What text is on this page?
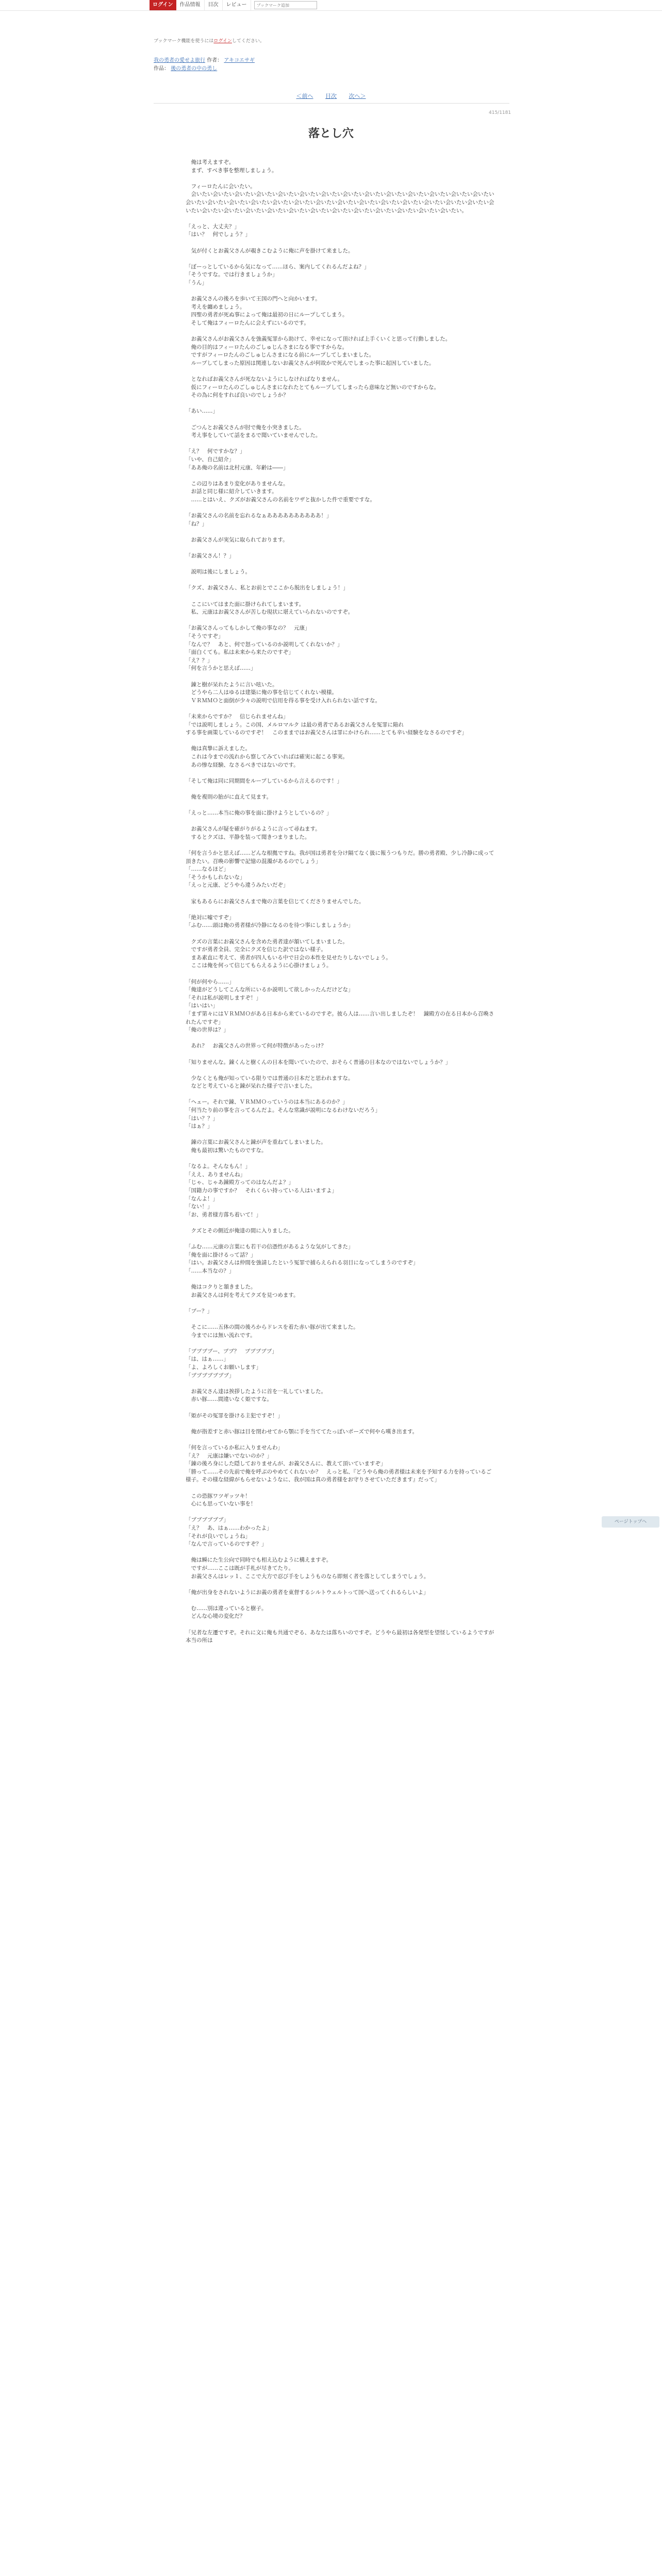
ログイン	作品情報	目次	レビュー
ブックマーク追加
ブックマーク機能を使うにはログインしてください。
我の勇者の愛せよ旅行 作者： アキコエサギ
作品： 後の勇者の中の勇し
＜前へ 目次 次へ＞
415/1181
落とし穴

　俺は考えますぞ。

　まず、すべき事を整理しましょう。

　フィーロたんに会いたい。

　会いたい会いたい会いたい会いたい会いたい会いたい会いたい会いたい会いたい会いたい会いたい会いたい会いたい会いたい会いたい会いたい会いたい会いたい会いたい会いたい会いたい会いたい会いたい会いたい会いたい会いたい会いたい会いたい会いたい会いたい会いたい会いたい会いたい会いたい会いたい会いたい会いたい会いたい会いたい会いたい会いたい。

「えっと、大丈夫？」

「はい？　何でしょう？」

　気が付くとお義父さんが覗きこむように俺に声を掛けて来ました。

「ぼーっとしているから気になって……ほら、案内してくれるんだよね？」

「そうですな。では行きましょうか」

「うん」

　お義父さんの後ろを歩いて王国の門へと向かいます。

　考えを纏めましょう。

　四聖の勇者が死ぬ事によって俺は最初の日にループしてしまう。

　そして俺はフィーロたんに会えずにいるのです。

　お義父さんがお義父さんを強義冤罪から助けて、幸せになって頂ければ上手くいくと思って行動しました。

　俺の目的はフィーロたんのごしゅじんさまになる事ですからな。

　ですがフィーロたんのごしゅじんさまになる前にループしてしまいました。

　ループしてしまった原因は関連しないお義父さんが何故かで死んでしまった事に起因していました。

　となればお義父さんが死なないようにしなければなりません。

　仮にフィーロたんのごしゅじんさまになれたとてもループしてしまったら意味など無いのですからな。

　その為に何をすれば良いのでしょうか？

「あい……」

　ごつんとお義父さんが肘で俺を小突きました。

　考え事をしていて話をまるで聞いていませんでした。

「え？　何ですかな？」

「いや、自己紹介」

「ああ俺の名前は北村元康、年齢は――」

　この辺りはあまり変化がありませんな。

　お話と同じ様に紹介していきます。

　……とはいえ、クズがお義父さんの名前をワザと抜かした件で重要ですな。

「お義父さんの名前を忘れるなぁああああああああああ！」

「ね？」

　お義父さんが実気に取られております。

「お義父さん！？」

　説明は後にしましょう。

「クズ、お義父さん、私とお前とでここから脱出をしましょう！」

　ここにいてはまた面に掛けられてしまいます。

　私、元康はお義父さんが苦しむ現状に堪えていられないのですぞ。

「お義父さんってもしかして俺の事なの？　元康」

「そうですぞ」

「なんで？　あと、何で怒っているのか説明してくれないか？」

「面白くても。私は未来から来たのですぞ」

「え？？」

「何を言うかと思えば……」

　錬と樹が呆れたように言い呟いた。

　どうやら二人はゆるは建築に俺の事を信じてくれない模様。

　ＶＲＭＭＯと面倒が少々の説明で信用を得る事を受け入れられない話ですな。

「未来からですか？　信じられませんね」

「では説明しましょう。この国、メルロマルク は最の勇者であるお義父さんを冤罪に陥れ

する事を画策しているのですぞ！　このままではお義父さんは罪にかけられ……とても辛い経験をなさるのですぞ」

　俺は真摯に訴えました。

　これは今までの流れから察してみていればは確実に起こる事実。

　あの惨な経験、なさるべきではないのです。

「そして俺は同に同期間をループしているから言えるのです！」

　俺を複則の胎がに直えて見ます。

「えっと……本当に俺の事を面に掛けようとしているの？」

　お義父さんが疑を確がりがるように言って尋ねます。

　するとクズは、平静を装って聞きつまりました。

「何を言うかと思えば……どんな根拠ですね。我が国は勇者を分け隔てなく扱に報うつもりだ。勝の勇者殿、少し冷静に成って頂きたい。召喚の影響で記憶の混濁があるのでしょう」

「……なるほど」

「そうかもしれないな」

「えっと元康、どうやら違うみたいだぞ」

　家もあるらにお義父さんまで俺の言葉を信じてくださりませんでした。

「絶対に嘘ですぞ」

「ふむ……頭は俺の勇者様が冷静になるのを待つ事にしましょうか」

　クズの言葉にお義父さんを含めた勇者達が頷いてしまいました。

　ですが勇者全員、完全にクズを信じた訳ではない様子。

　まあ素直に考えて、勇者が四人もいる中で日会の本性を見せたりしないでしょう。

　ここは俺を何って信じてもらえるように心掛けましょう。

「何が何やら……」

「俺達がどうしてこんな所にいるか説明して欲しかったんだけどな」

「それは私が説明しますぞ！」

「はいはい」

「まず第々にはＶＲＭＭＯがある日本から来ているのですぞ。彼ら人は……言い出しましたぞ！　錬殿方の在る日本から召喚されたんですぞ」

「俺の世界は？」

　あれ？　お義父さんの世界って何が特徴があったっけ？

「知りませんな。錬くんと樹くんの日本を聞いていたので、おそらく普通の日本なのではないでしょうか？」

　少なくとも俺が知っている限りでは普通の日本だと思われますな。

　などと考えていると錬が呆れた様子で言いました。

「ヘェー。それで錬、ＶＲＭＭＯっていうのは本当にあるのか？」

「何当たり前の事を言ってるんだよ。そんな常識が説明になるわけないだろう」

「はい？？」

「はぁ？」

　錬の言葉にお義父さんと錬が声を重ねてしまいました。

　俺も最初は驚いたものですな。

「なるよ。そんなもん！」

「ええ、ありませんね」

「じゃ、じゃあ錬殿方ってのはなんだよ？」

「国籍力の事ですか？　それくらい持っている人はいますよ」

「なんよ！」

「ない！」

「お、勇者様方落ち着いて！」

　クズとその側近が俺達の間に入りました。

「ふむ……元康の言葉にも若干の信憑性があるような気がしてきた」

「俺を面に掛けるって話？」

「はい。お義父さんは仲間を強請したという冤罪で捕らえられる羽目になってしまうのですぞ」

「……本当なの？」

　俺はコクりと頷きました。

　お義父さんは何を考えてクズを見つめます。

「ブー？」

　そこに……五体の間の後ろからドレスを着た赤い豚が出て来ました。

　今までには無い流れです。

「ブブブブー、ブブ？　ブブブブブ」

「は、はぁ……」

「よ、よろしくお願いします」

「ブブブブブブブ」

　お義父さん達は挨拶したように首を一礼していました。

　赤い豚……間違いなく姫ですな。

「姫がその冤罪を掛ける主犯ですぞ！」

　俺が指差すと赤い豚は目を閉わせてから顎に手を当ててたっぽいポーズで何やら嘆き出ます。

「何を言っているか私に入りませんわ」

「え？　元康は嫌いでないのか？」

「錬の後ろ身にした隠しておりませんが、お義父さんに、教えて頂いていますぞ」

「勝って……その先前で俺を呼ぶのやめてくれないか？　えっと私、『どうやら俺の勇者様は未来を予知する力を持っているご様子。その様な経緯がもらせないようなに、我が国は真の勇者様をお守りさせていただきます』だって」

　この恐豚ワツギッツキ！

　心にも思っていない事を！

「ブブブブブブ」

「え？　あ、はぁ……わかったよ」

「それが良いでしょうね」

「なんで言っているのですぞ？」

　俺は瞬にた生公向で同時でも相え込むように構えますぞ。

　ですが……ここは既が手札が尽きてたり。

　お義父さんはレッ１、ここで大方で忍び手をしようものなら即刻く者を落としてしまうでしょう。

「俺が出身をされないようにお義の勇者を東督するシルトウェルトって国へ送ってくれるらしいよ」

　む……別は違っていると樹子。

　どんな心境の変化だ？

「兄者な左遷ですぞ。それに文に俺も共通でぞる、あなたは落ちいのですぞ。どうやら最初は各発型を望怪しているようですが本当の所は

ページトップへ
